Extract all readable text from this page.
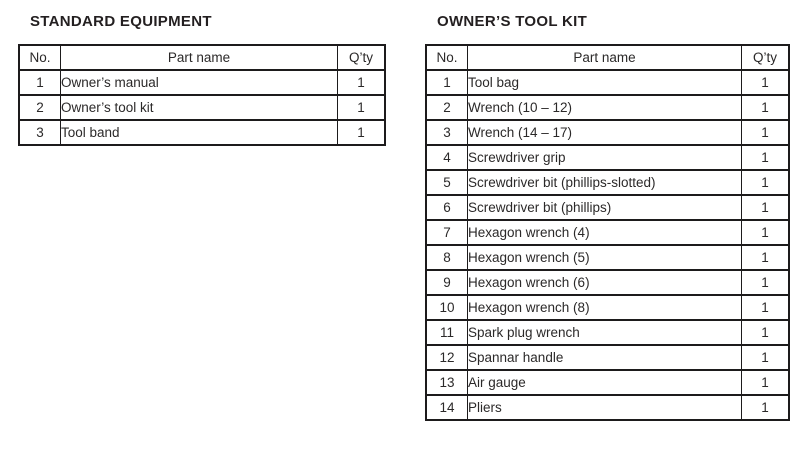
STANDARD EQUIPMENT
No.	Part name	Q’ty
1	Owner’s manual	1
2	Owner’s tool kit	1
3	Tool band	1
OWNER’S TOOL KIT
No.	Part name	Q’ty
1	Tool bag	1
2	Wrench (10 – 12)	1
3	Wrench (14 – 17)	1
4	Screwdriver grip	1
5	Screwdriver bit (phillips-slotted)	1
6	Screwdriver bit (phillips)	1
7	Hexagon wrench (4)	1
8	Hexagon wrench (5)	1
9	Hexagon wrench (6)	1
10	Hexagon wrench (8)	1
11	Spark plug wrench	1
12	Spannar handle	1
13	Air gauge	1
14	Pliers	1
